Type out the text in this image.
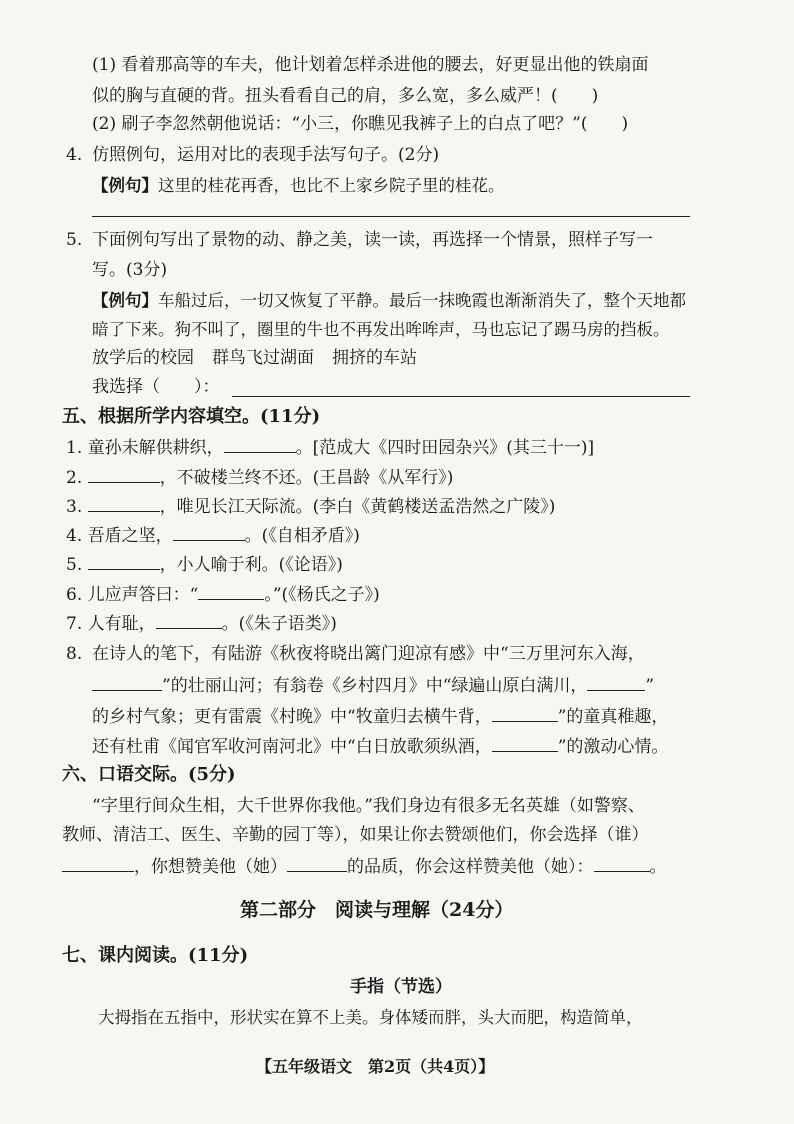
(1) 看着那高等的车夫，他计划着怎样杀进他的腰去，好更显出他的铁扇面
似的胸与直硬的背。扭头看看自己的肩，多么宽，多么威严！(　　)
(2) 刷子李忽然朝他说话：“小三，你瞧见我裤子上的白点了吧？”(　　)
4. 仿照例句，运用对比的表现手法写句子。(2分)
【例句】这里的桂花再香，也比不上家乡院子里的桂花。
5. 下面例句写出了景物的动、静之美，读一读，再选择一个情景，照样子写一
写。(3分)
【例句】车船过后，一切又恢复了平静。最后一抹晚霞也渐渐消失了，整个天地都
暗了下来。狗不叫了，圈里的牛也不再发出哞哞声，马也忘记了踢马房的挡板。
放学后的校园 群鸟飞过湖面 拥挤的车站
我选择（　　）：
五、根据所学内容填空。(11分)
1. 童孙未解供耕织，	。[范成大《四时田园杂兴》(其三十一)]
2.	，不破楼兰终不还。(王昌龄《从军行》)
3.	，唯见长江天际流。(李白《黄鹤楼送孟浩然之广陵》)
4. 吾盾之坚，	。(《自相矛盾》)
5.	，小人喻于利。(《论语》)
6. 儿应声答曰：“	。”(《杨氏之子》)
7. 人有耻，	。(《朱子语类》)
8. 在诗人的笔下，有陆游《秋夜将晓出篱门迎凉有感》中“三万里河东入海，
”的壮丽山河；有翁卷《乡村四月》中“绿遍山原白满川，	”
的乡村气象；更有雷震《村晚》中“牧童归去横牛背，	”的童真稚趣，
还有杜甫《闻官军收河南河北》中“白日放歌须纵酒，	”的激动心情。
六、口语交际。(5分)
“字里行间众生相，大千世界你我他。”我们身边有很多无名英雄（如警察、
教师、清洁工、医生、辛勤的园丁等），如果让你去赞颂他们，你会选择（谁）
，你想赞美他（她）	的品质，你会这样赞美他（她）：	。
第二部分　阅读与理解（24分）
七、课内阅读。(11分)
手指（节选）
大拇指在五指中，形状实在算不上美。身体矮而胖，头大而肥，构造简单，
【五年级语文　第2页（共4页）】
